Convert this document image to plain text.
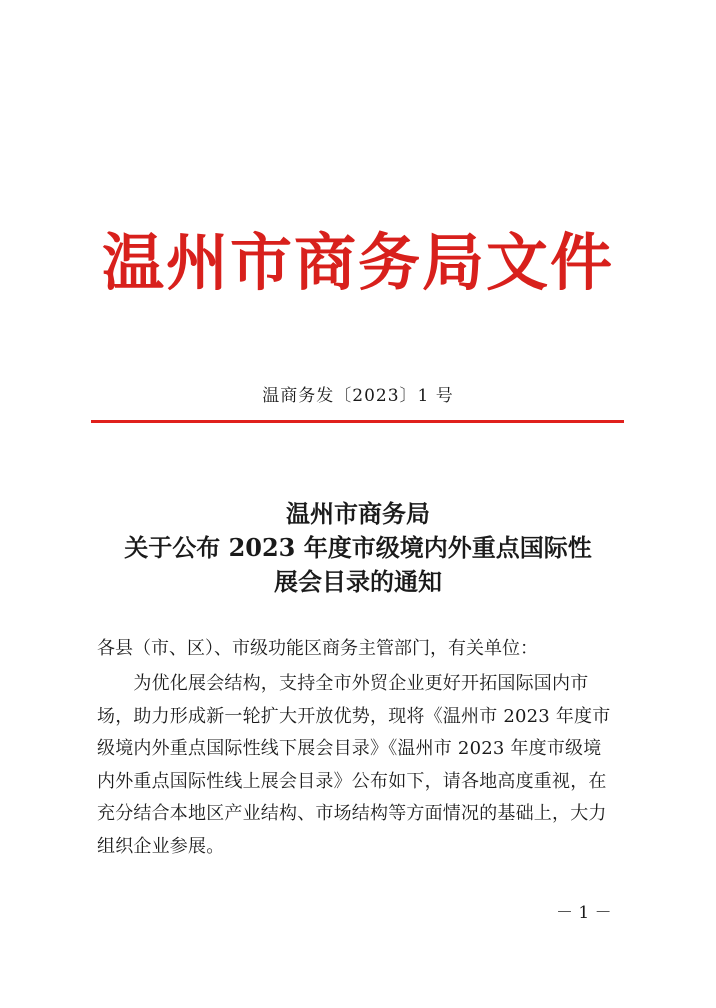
温州市商务局文件
温商务发〔2023〕1 号
温州市商务局
关于公布 2023 年度市级境内外重点国际性
展会目录的通知
各县（市、区）、市级功能区商务主管部门，有关单位：
　　为优化展会结构，支持全市外贸企业更好开拓国际国内市
场，助力形成新一轮扩大开放优势，现将《温州市 2023 年度市
级境内外重点国际性线下展会目录》《温州市 2023 年度市级境
内外重点国际性线上展会目录》公布如下，请各地高度重视，在
充分结合本地区产业结构、市场结构等方面情况的基础上，大力
组织企业参展。
－ 1 －
